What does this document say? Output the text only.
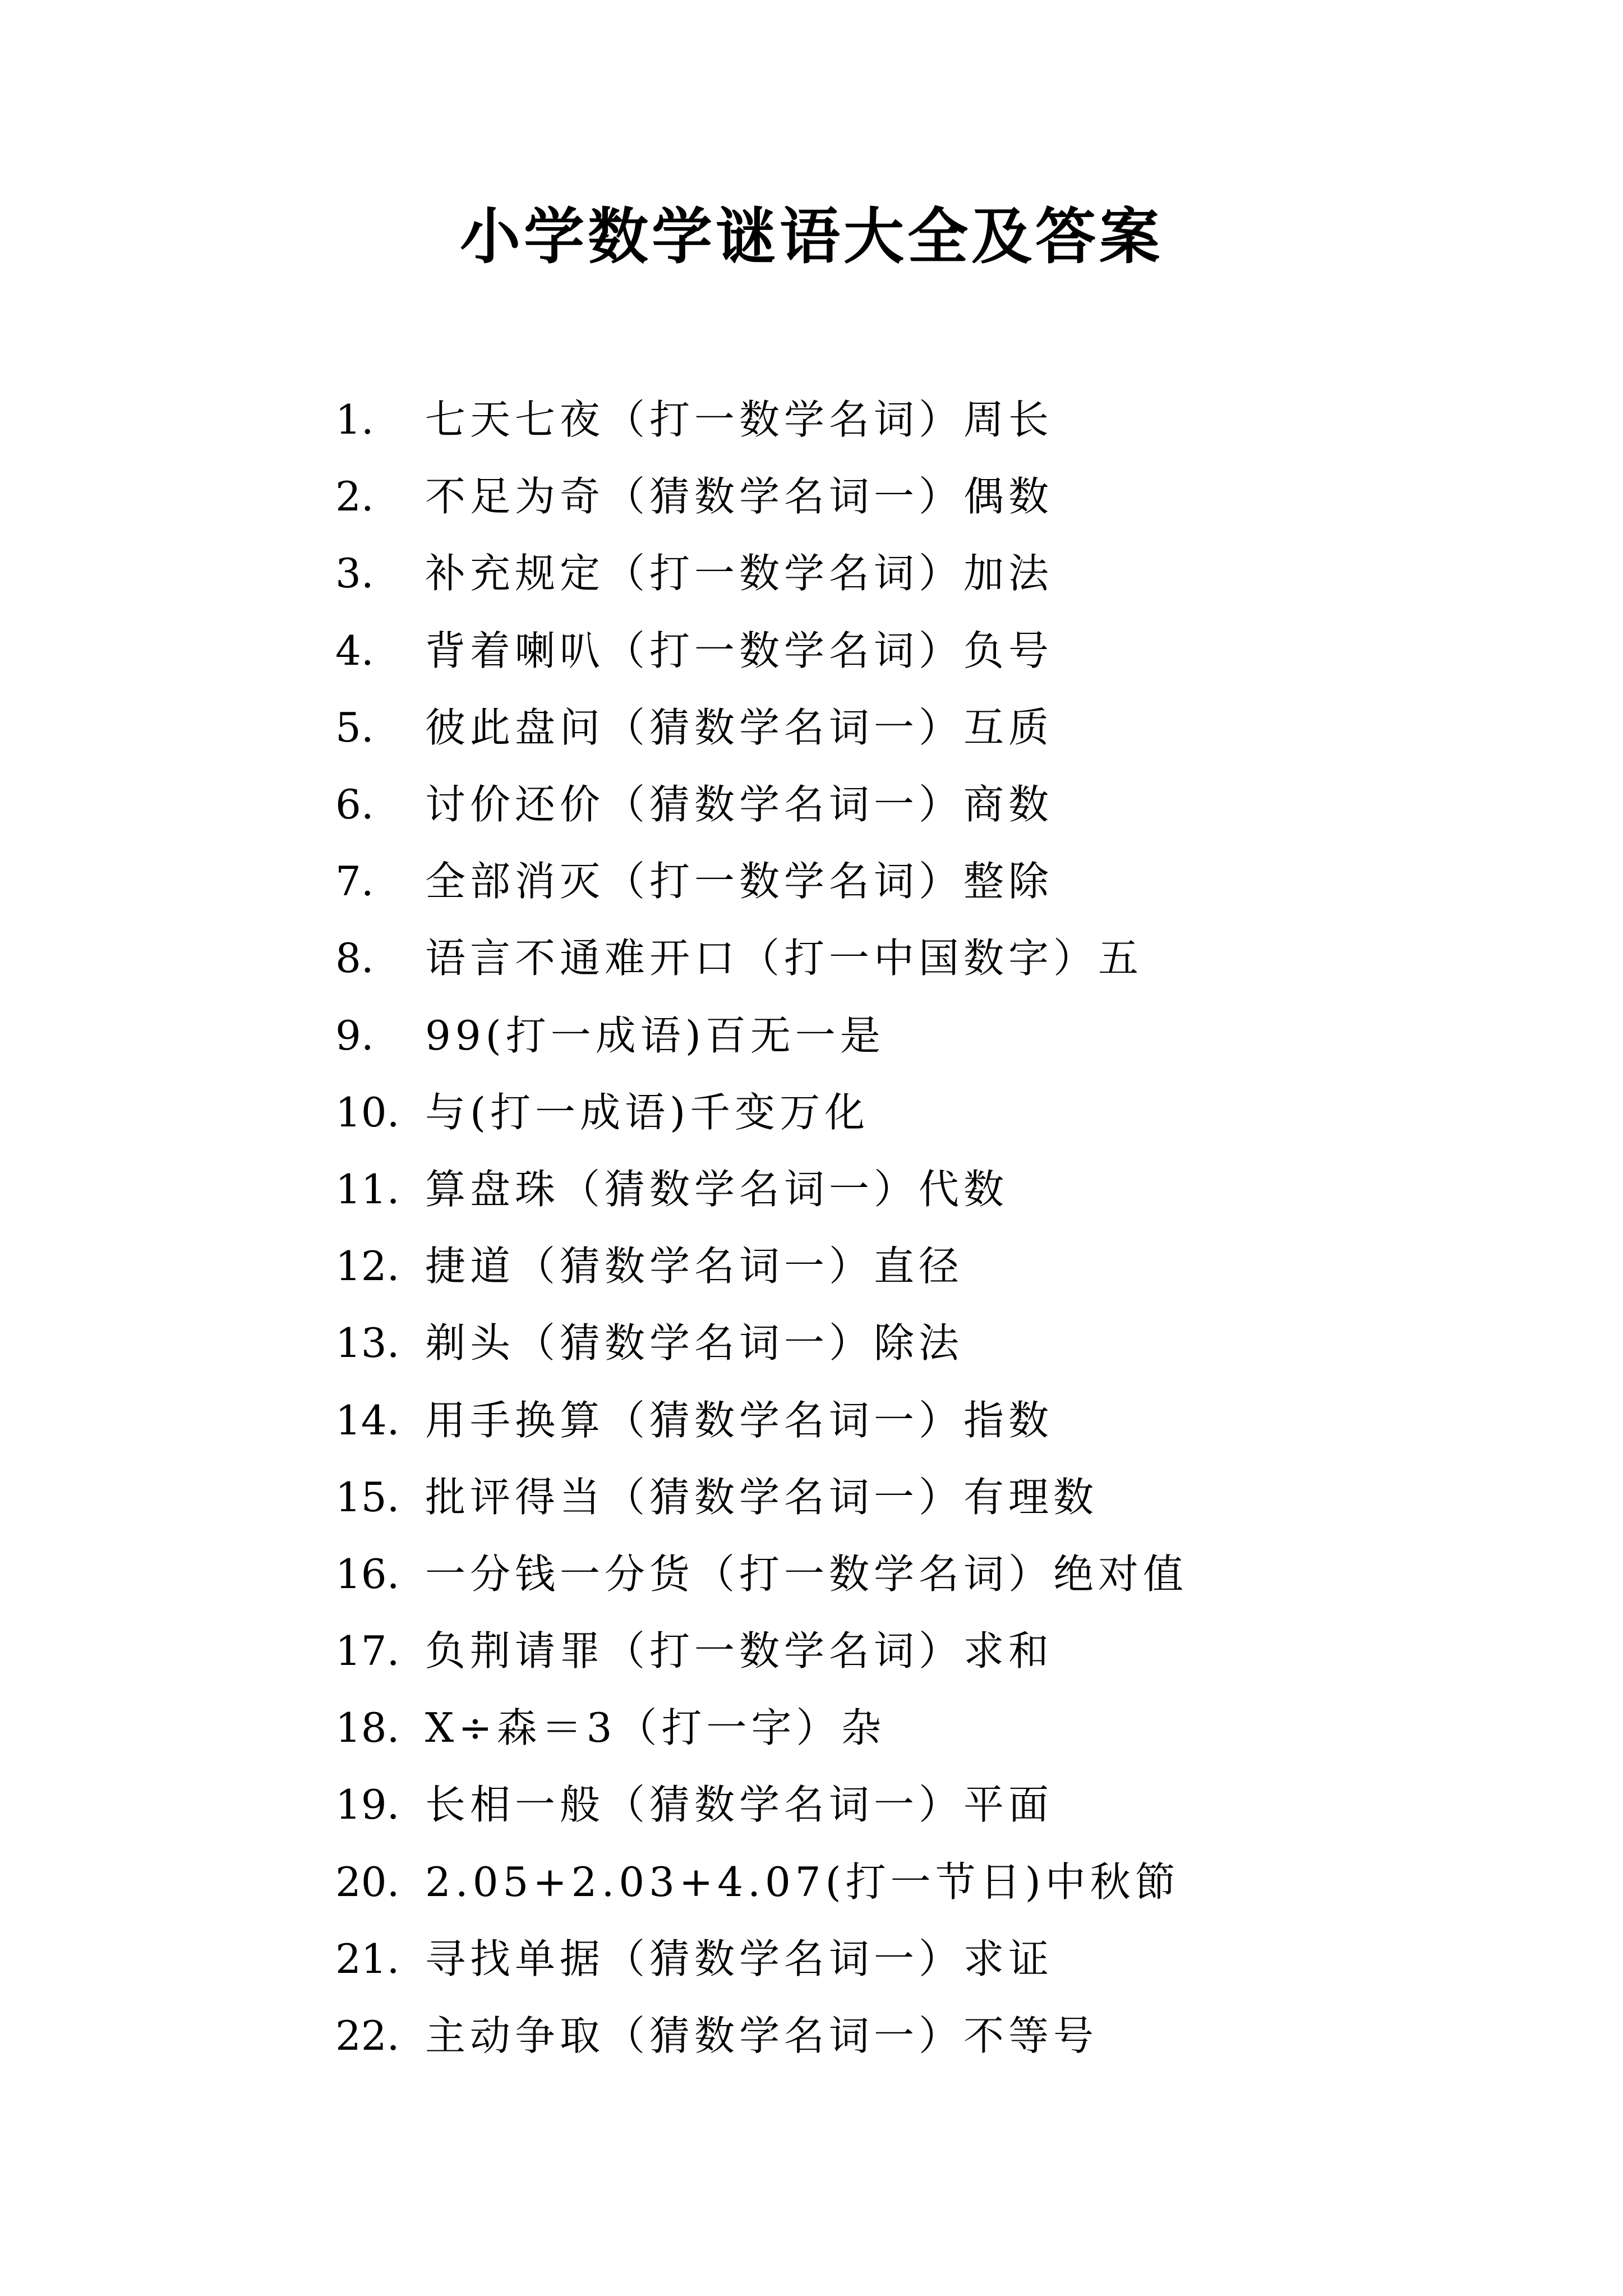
小学数学谜语大全及答案
1.	七天七夜（打一数学名词）周长
2.	不足为奇（猜数学名词一）偶数
3.	补充规定（打一数学名词）加法
4.	背着喇叭（打一数学名词）负号
5.	彼此盘问（猜数学名词一）互质
6.	讨价还价（猜数学名词一）商数
7.	全部消灭（打一数学名词）整除
8.	语言不通难开口（打一中国数字）五
9.	99(打一成语)百无一是
10. 与(打一成语)千变万化
11. 算盘珠（猜数学名词一）代数
12. 捷道（猜数学名词一）直径
13. 剃头（猜数学名词一）除法
14. 用手换算（猜数学名词一）指数
15. 批评得当（猜数学名词一）有理数
16. 一分钱一分货（打一数学名词）绝对值
17. 负荆请罪（打一数学名词）求和
18. X÷森＝3（打一字）杂
19. 长相一般（猜数学名词一）平面
20. 2.05+2.03+4.07(打一节日)中秋節
21. 寻找单据（猜数学名词一）求证
22. 主动争取（猜数学名词一）不等号
